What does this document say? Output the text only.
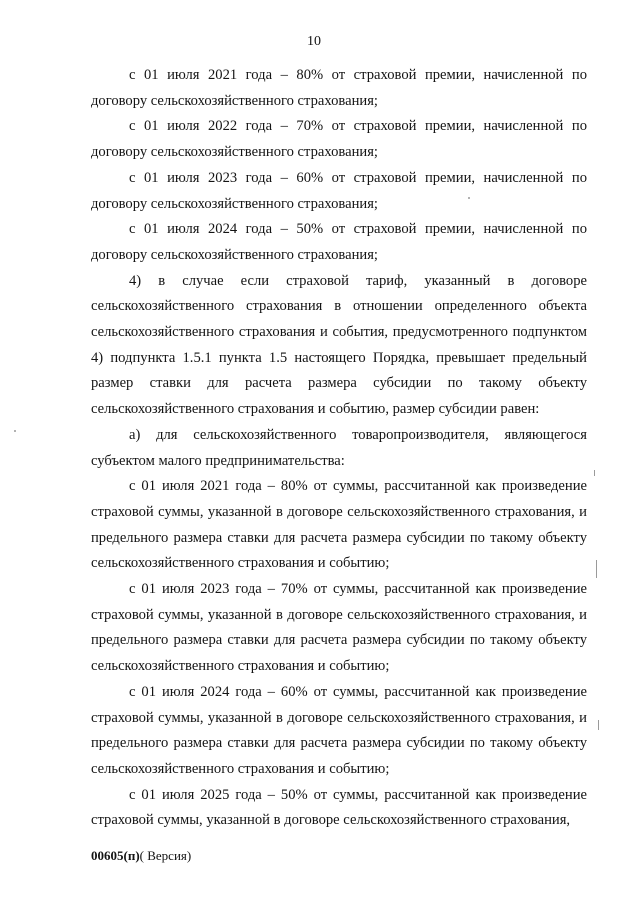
10

с 01 июля 2021 года – 80% от страховой премии, начисленной по договору сельскохозяйственного страхования;

с 01 июля 2022 года – 70% от страховой премии, начисленной по договору сельскохозяйственного страхования;

с 01 июля 2023 года – 60% от страховой премии, начисленной по договору сельскохозяйственного страхования;

с 01 июля 2024 года – 50% от страховой премии, начисленной по договору сельскохозяйственного страхования;

4) в случае если страховой тариф, указанный в договоре сельскохозяйственного страхования в отношении определенного объекта сельскохозяйственного страхования и события, предусмотренного подпунктом 4) подпункта 1.5.1 пункта 1.5 настоящего Порядка, превышает предельный размер ставки для расчета размера субсидии по такому объекту сельскохозяйственного страхования и событию, размер субсидии равен:

а) для сельскохозяйственного товаропроизводителя, являющегося субъектом малого предпринимательства:

с 01 июля 2021 года – 80% от суммы, рассчитанной как произведение страховой суммы, указанной в договоре сельскохозяйственного страхования, и предельного размера ставки для расчета размера субсидии по такому объекту сельскохозяйственного страхования и событию;

с 01 июля 2023 года – 70% от суммы, рассчитанной как произведение страховой суммы, указанной в договоре сельскохозяйственного страхования, и предельного размера ставки для расчета размера субсидии по такому объекту сельскохозяйственного страхования и событию;

с 01 июля 2024 года – 60% от суммы, рассчитанной как произведение страховой суммы, указанной в договоре сельскохозяйственного страхования, и предельного размера ставки для расчета размера субсидии по такому объекту сельскохозяйственного страхования и событию;

с 01 июля 2025 года – 50% от суммы, рассчитанной как произведение страховой суммы, указанной в договоре сельскохозяйственного страхования,

00605(п)( Версия)
